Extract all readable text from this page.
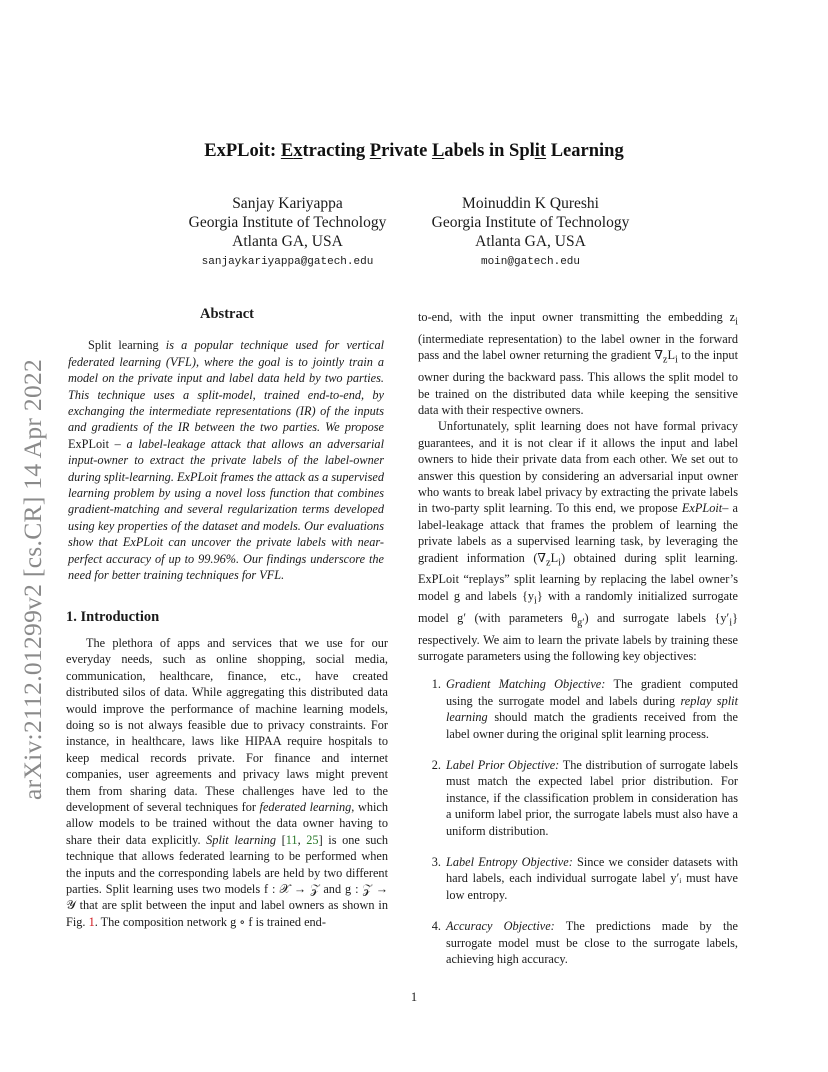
arXiv:2112.01299v2 [cs.CR] 14 Apr 2022
ExPLoit: Extracting Private Labels in Split Learning
Sanjay Kariyappa
Georgia Institute of Technology
Atlanta GA, USA
sanjaykariyappa@gatech.edu
Moinuddin K Qureshi
Georgia Institute of Technology
Atlanta GA, USA
moin@gatech.edu
Abstract

Split learning is a popular technique used for vertical federated learning (VFL), where the goal is to jointly train a model on the private input and label data held by two parties. This technique uses a split-model, trained end-to-end, by exchanging the intermediate representations (IR) of the inputs and gradients of the IR between the two parties. We propose ExPLoit – a label-leakage attack that allows an adversarial input-owner to extract the private labels of the label-owner during split-learning. ExPLoit frames the attack as a supervised learning problem by using a novel loss function that combines gradient-matching and several regularization terms developed using key properties of the dataset and models. Our evaluations show that ExPLoit can uncover the private labels with near-perfect accuracy of up to 99.96%. Our findings underscore the need for better training techniques for VFL.

1. Introduction

The plethora of apps and services that we use for our everyday needs, such as online shopping, social media, communication, healthcare, finance, etc., have created distributed silos of data. While aggregating this distributed data would improve the performance of machine learning models, doing so is not always feasible due to privacy constraints. For instance, in healthcare, laws like HIPAA require hospitals to keep medical records private. For finance and internet companies, user agreements and privacy laws might prevent them from sharing data. These challenges have led to the development of several techniques for federated learning, which allow models to be trained without the data owner having to share their data explicitly. Split learning [11, 25] is one such technique that allows federated learning to be performed when the inputs and the corresponding labels are held by two different parties. Split learning uses two models f : 𝒳 → 𝒵 and g : 𝒵 → 𝒴 that are split between the input and label owners as shown in Fig. 1. The composition network g ∘ f is trained end-

to-end, with the input owner transmitting the embedding $z_i$ (intermediate representation) to the label owner in the forward pass and the label owner returning the gradient $\nabla_zL_i$ to the input owner during the backward pass. This allows the split model to be trained on the distributed data while keeping the sensitive data with their respective owners.

Unfortunately, split learning does not have formal privacy guarantees, and it is not clear if it allows the input and label owners to hide their private data from each other. We set out to answer this question by considering an adversarial input owner who wants to break label privacy by extracting the private labels in two-party split learning. To this end, we propose ExPLoit– a label-leakage attack that frames the problem of learning the private labels as a supervised learning task, by leveraging the gradient information $(\nabla_zL_i)$ obtained during split learning. ExPLoit “replays” split learning by replacing the label owner’s model g and labels $\{y_i\}$ with a randomly initialized surrogate model g′ (with parameters $\theta_{g'}$) and surrogate labels $\{y'_i\}$ respectively. We aim to learn the private labels by training these surrogate parameters using the following key objectives:

1. Gradient Matching Objective: The gradient computed using the surrogate model and labels during replay split learning should match the gradients received from the label owner during the original split learning process.
2. Label Prior Objective: The distribution of surrogate labels must match the expected label prior distribution. For instance, if the classification problem in consideration has a uniform label prior, the surrogate labels must also have a uniform distribution.
3. Label Entropy Objective: Since we consider datasets with hard labels, each individual surrogate label y′ᵢ must have low entropy.
4. Accuracy Objective: The predictions made by the surrogate model must be close to the surrogate labels, achieving high accuracy.
1
